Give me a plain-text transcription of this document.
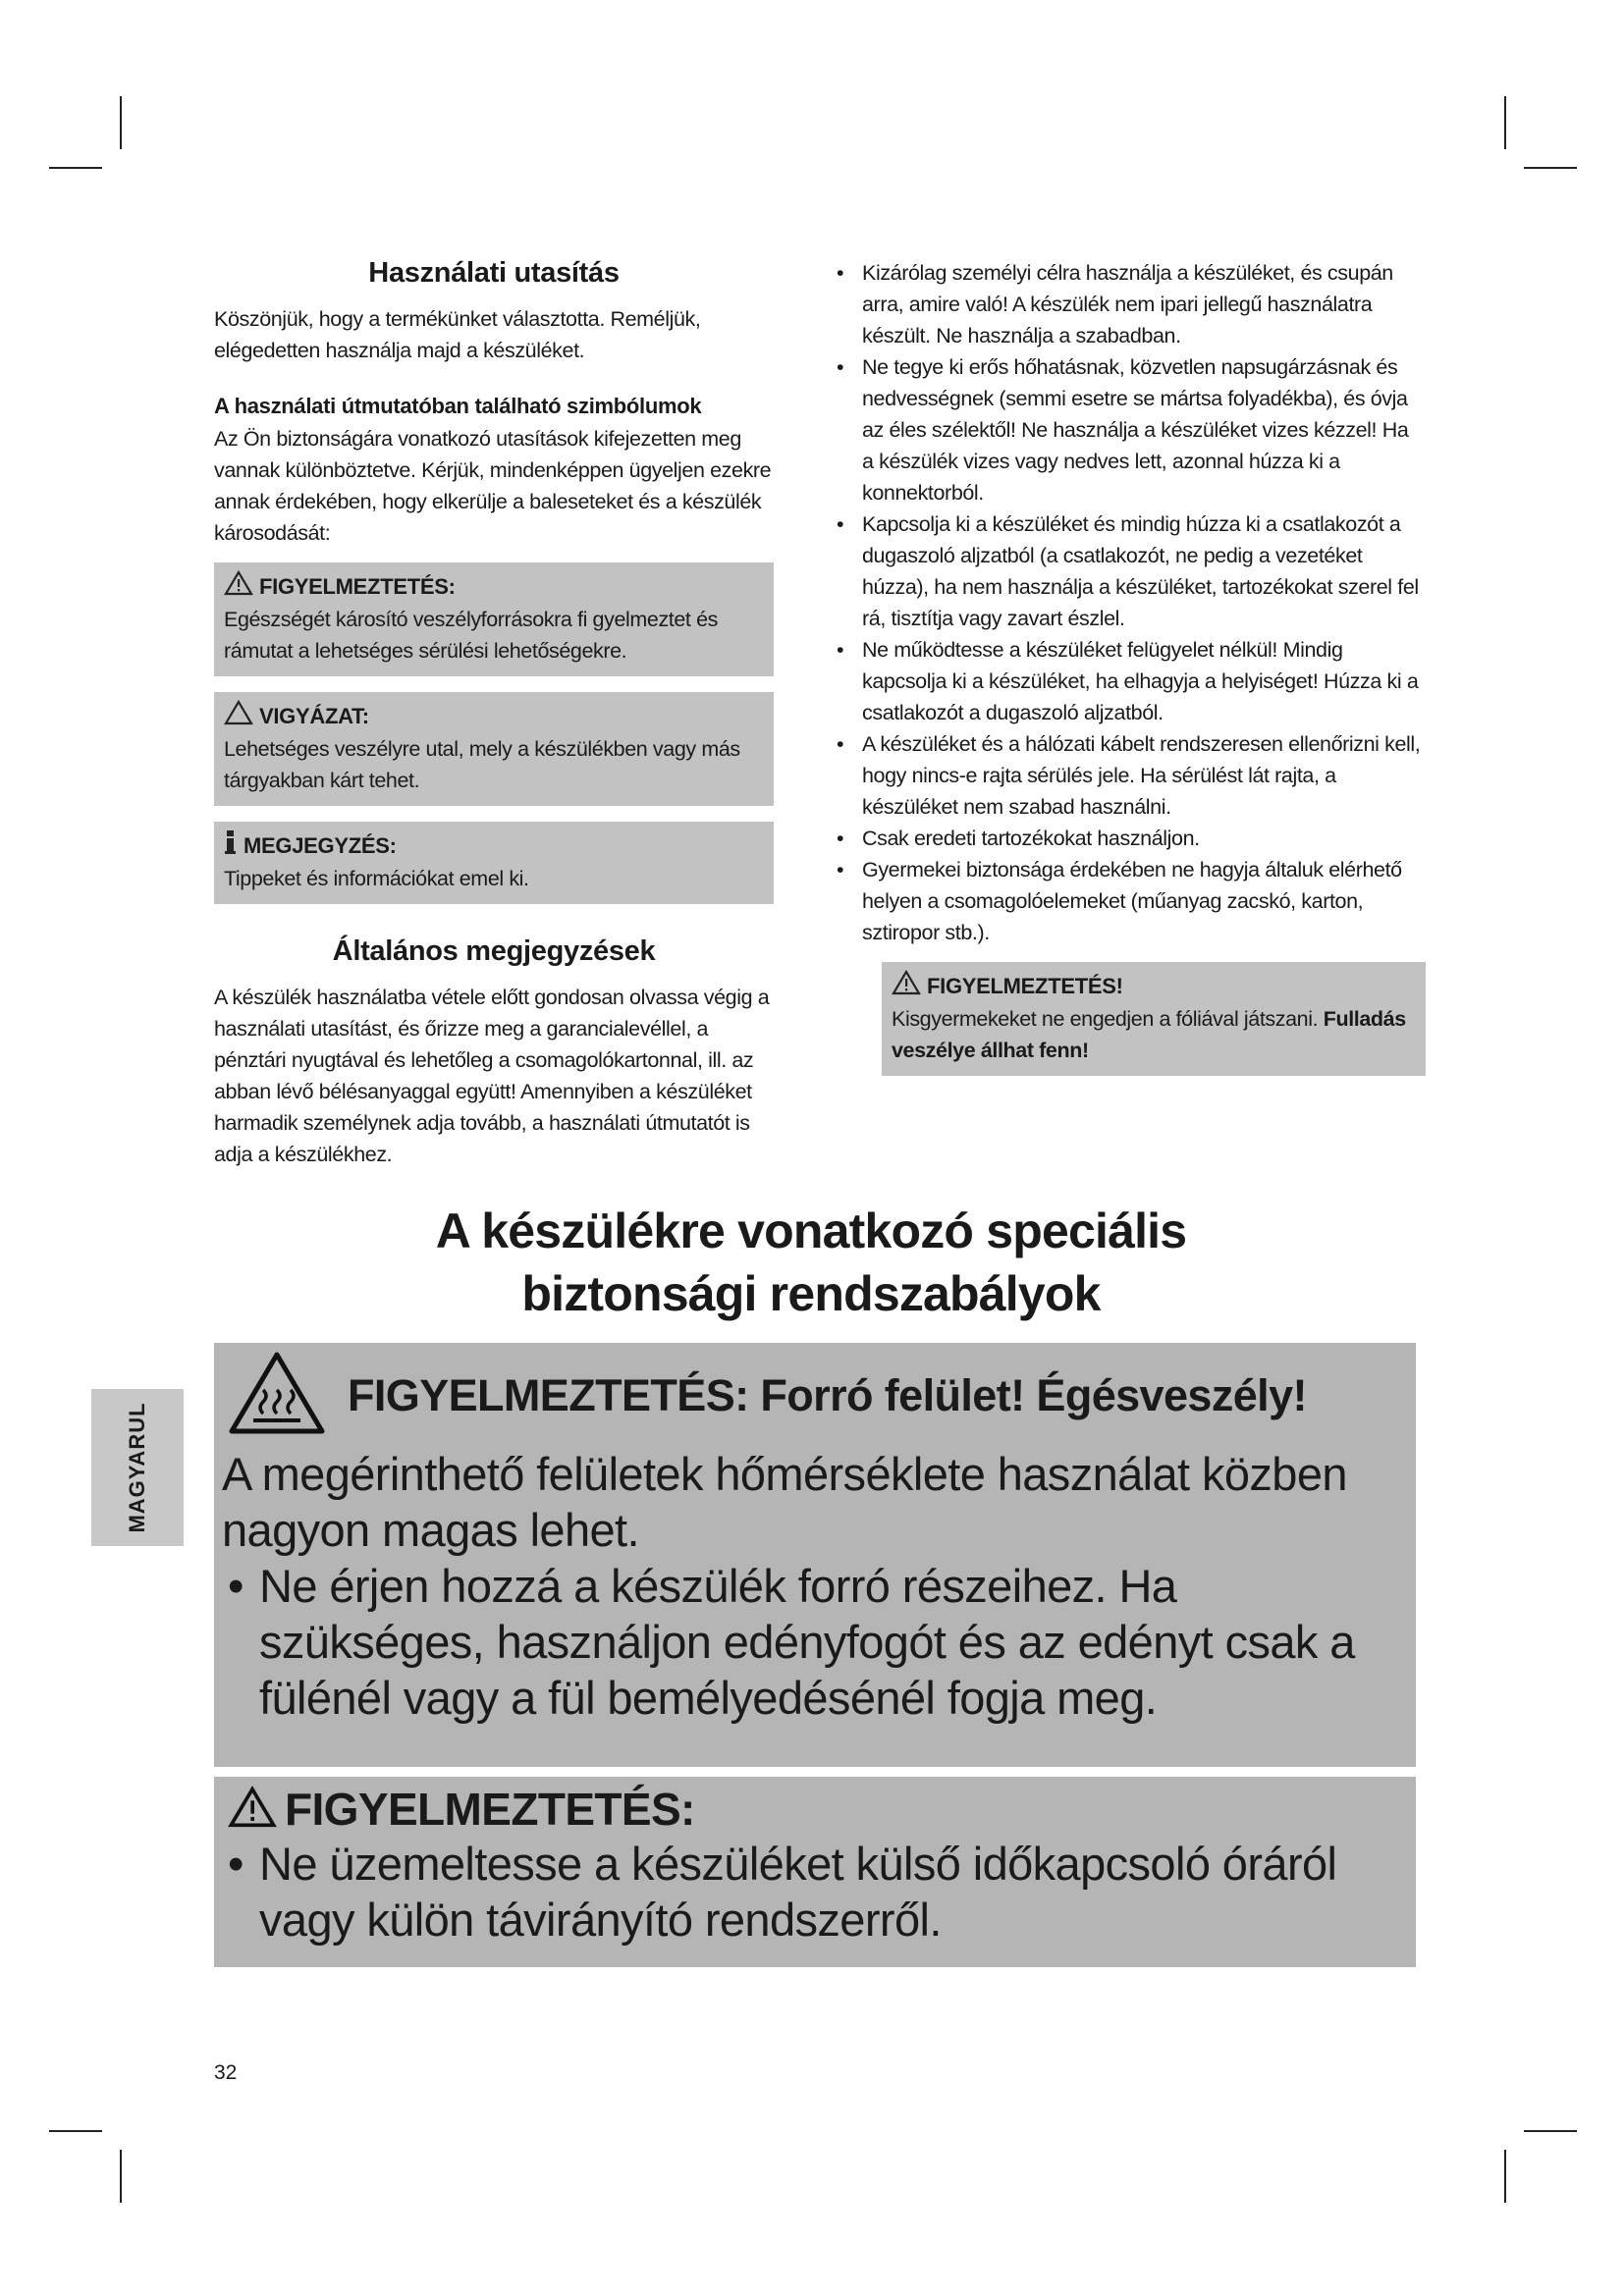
Használati utasítás

Köszönjük, hogy a termékünket választotta. Reméljük, elégedetten használja majd a készüléket.

A használati útmutatóban található szimbólumok

Az Ön biztonságára vonatkozó utasítások kifejezetten meg vannak különböztetve. Kérjük, mindenképpen ügyeljen ezekre annak érdekében, hogy elkerülje a baleseteket és a készülék károsodását:

FIGYELMEZTETÉS:
Egészségét károsító veszélyforrásokra fi gyelmeztet és rámutat a lehetséges sérülési lehetőségekre.
VIGYÁZAT:
Lehetséges veszélyre utal, mely a készülékben vagy más tárgyakban kárt tehet.
MEGJEGYZÉS:
Tippeket és információkat emel ki.
Általános megjegyzések

A készülék használatba vétele előtt gondosan olvassa végig a használati utasítást, és őrizze meg a garancialevéllel, a pénztári nyugtával és lehetőleg a csomagolókartonnal, ill. az abban lévő bélésanyaggal együtt! Amennyiben a készüléket harmadik személynek adja tovább, a használati útmutatót is adja a készülékhez.

• Kizárólag személyi célra használja a készüléket, és csupán arra, amire való! A készülék nem ipari jellegű használatra készült. Ne használja a szabadban.
• Ne tegye ki erős hőhatásnak, közvetlen napsugárzásnak és nedvességnek (semmi esetre se mártsa folyadékba), és óvja az éles szélektől! Ne használja a készüléket vizes kézzel! Ha a készülék vizes vagy nedves lett, azonnal húzza ki a konnektorból.
• Kapcsolja ki a készüléket és mindig húzza ki a csatlakozót a dugaszoló aljzatból (a csatlakozót, ne pedig a vezetéket húzza), ha nem használja a készüléket, tartozékokat szerel fel rá, tisztítja vagy zavart észlel.
• Ne működtesse a készüléket felügyelet nélkül! Mindig kapcsolja ki a készüléket, ha elhagyja a helyiséget! Húzza ki a csatlakozót a dugaszoló aljzatból.
• A készüléket és a hálózati kábelt rendszeresen ellenőrizni kell, hogy nincs-e rajta sérülés jele. Ha sérülést lát rajta, a készüléket nem szabad használni.
• Csak eredeti tartozékokat használjon.
• Gyermekei biztonsága érdekében ne hagyja általuk elérhető helyen a csomagolóelemeket (műanyag zacskó, karton, sztiropor stb.).
FIGYELMEZTETÉS!
Kisgyermekeket ne engedjen a fóliával játszani. Fulladás veszélye állhat fenn!
A készülékre vonatkozó speciális
biztonsági rendszabályok
MAGYARUL
FIGYELMEZTETÉS: Forró felület! Égésveszély!
A megérinthető felületek hőmérséklete használat közben nagyon magas lehet.
• Ne érjen hozzá a készülék forró részeihez. Ha szükséges, használjon edényfogót és az edényt csak a fülénél vagy a fül bemélyedésénél fogja meg.
FIGYELMEZTETÉS:
• Ne üzemeltesse a készüléket külső időkapcsoló óráról vagy külön távirányító rendszerről.
32
